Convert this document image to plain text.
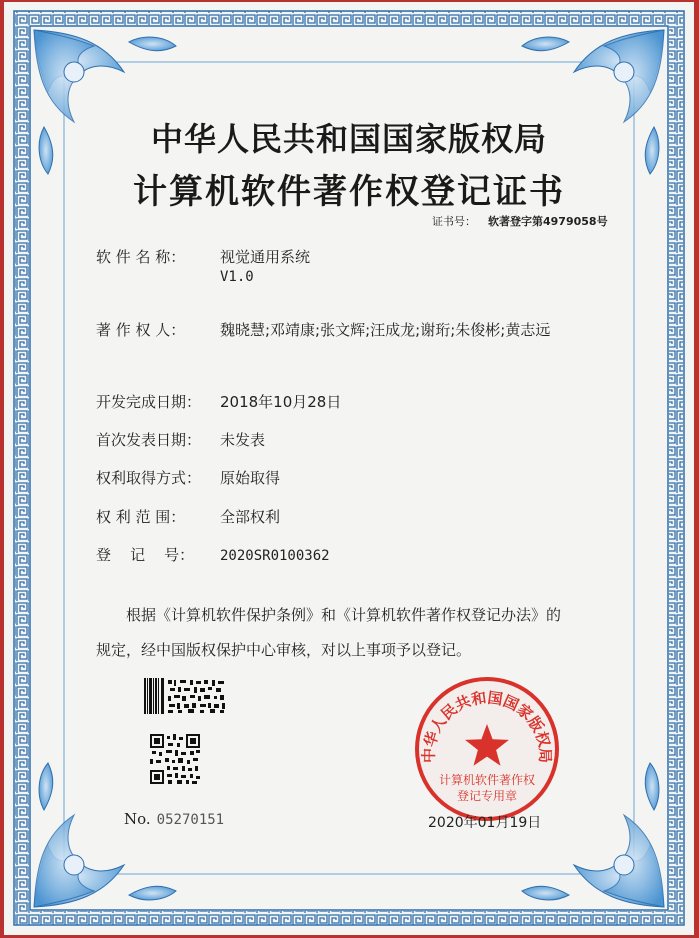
中华人民共和国国家版权局
计算机软件著作权登记证书
证书号： 软著登字第4979058号
软 件 名 称： 视觉通用系统
V1.0
著 作 权 人： 魏晓慧;邓靖康;张文辉;汪成龙;谢珩;朱俊彬;黄志远
开发完成日期： 2018年10月28日
首次发表日期： 未发表
权利取得方式： 原始取得
权 利 范 围： 全部权利
登    记    号： 2020SR0100362
根据《计算机软件保护条例》和《计算机软件著作权登记办法》的
规定，经中国版权保护中心审核，对以上事项予以登记。
No. 05270151
中华人民共和国国家版权局
计算机软件著作权
登记专用章
2020年01月19日
